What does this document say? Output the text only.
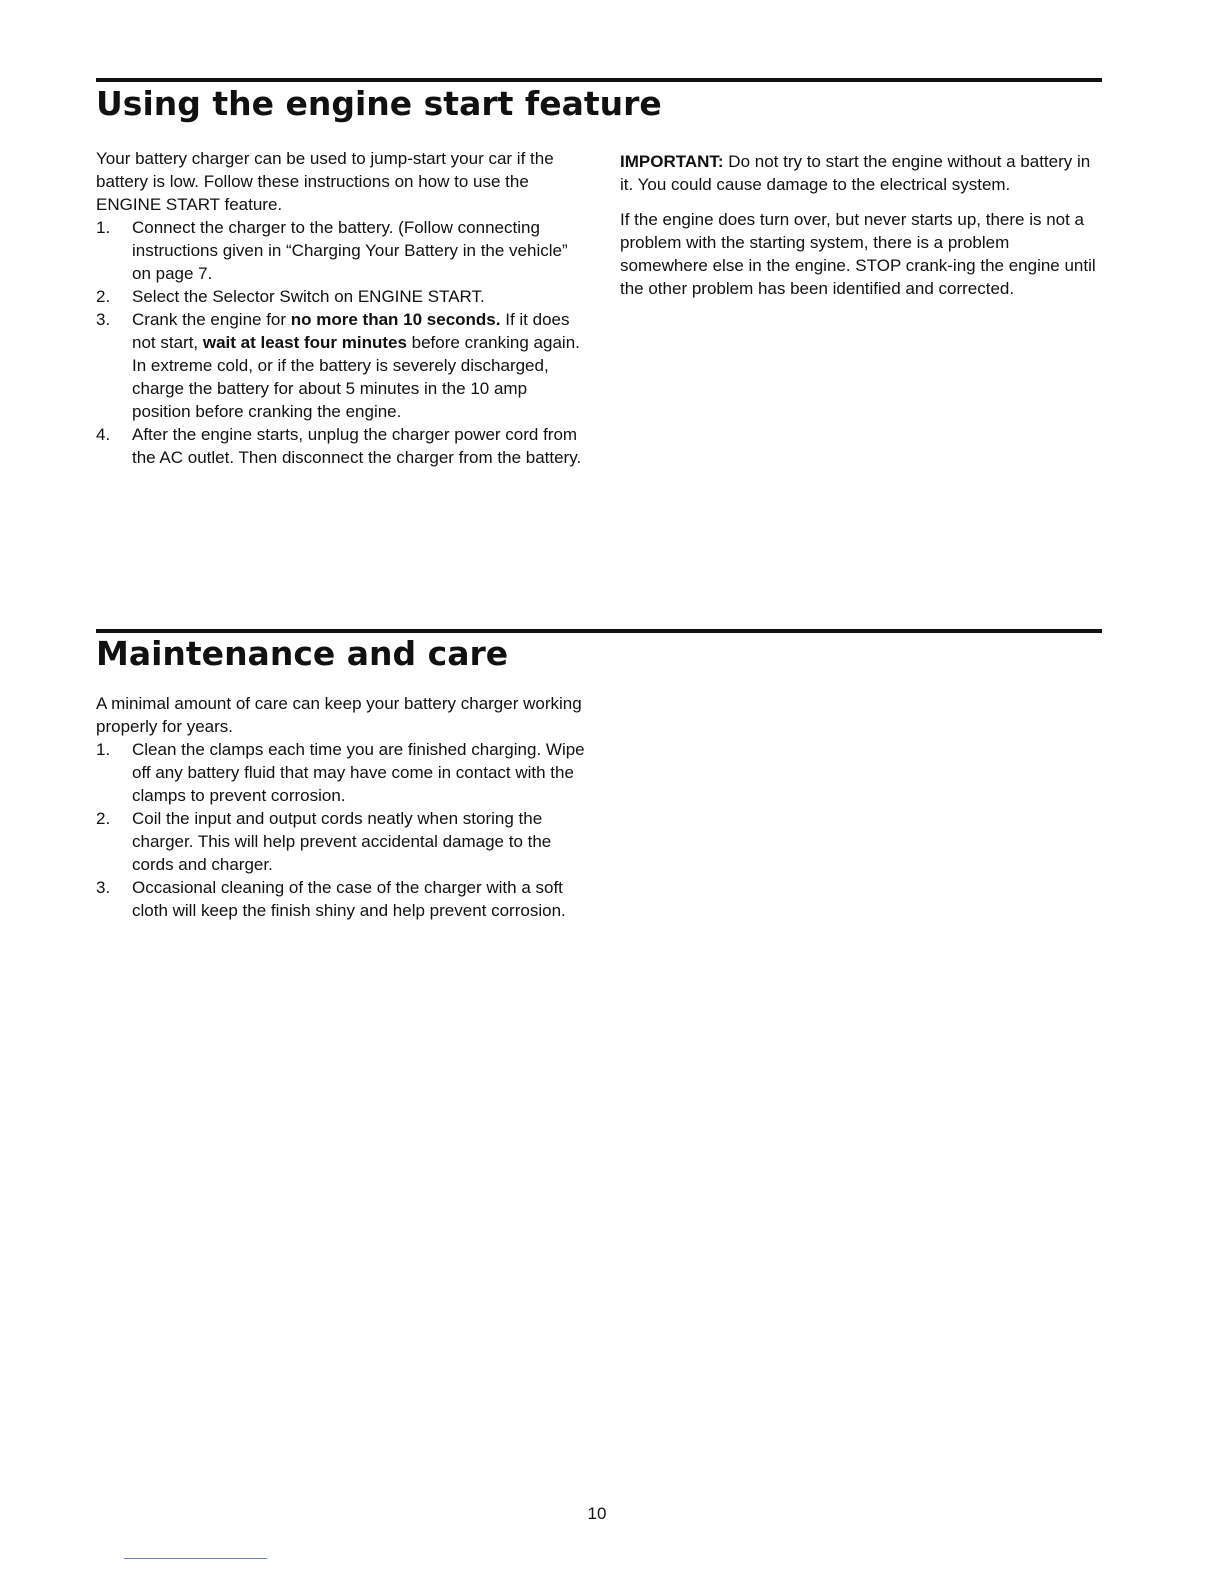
Using the engine start feature

Your battery charger can be used to jump-start your car if the battery is low. Follow these instructions on how to use the ENGINE START feature.

1. Connect the charger to the battery. (Follow connecting instructions given in “Charging Your Battery in the vehicle” on page 7.
2. Select the Selector Switch on ENGINE START.
3. Crank the engine for no more than 10 seconds. If it does not start, wait at least four minutes before cranking again. In extreme cold, or if the battery is severely discharged, charge the battery for about 5 minutes in the 10 amp position before cranking the engine.
4. After the engine starts, unplug the charger power cord from the AC outlet. Then disconnect the charger from the battery.

IMPORTANT: Do not try to start the engine without a battery in it. You could cause damage to the electrical system.

If the engine does turn over, but never starts up, there is not a problem with the starting system, there is a problem somewhere else in the engine. STOP crank-ing the engine until the other problem has been identified and corrected.

Maintenance and care

A minimal amount of care can keep your battery charger working properly for years.

1. Clean the clamps each time you are finished charging. Wipe off any battery fluid that may have come in contact with the clamps to prevent corrosion.
2. Coil the input and output cords neatly when storing the charger. This will help prevent accidental damage to the cords and charger.
3. Occasional cleaning of the case of the charger with a soft cloth will keep the finish shiny and help prevent corrosion.
10
